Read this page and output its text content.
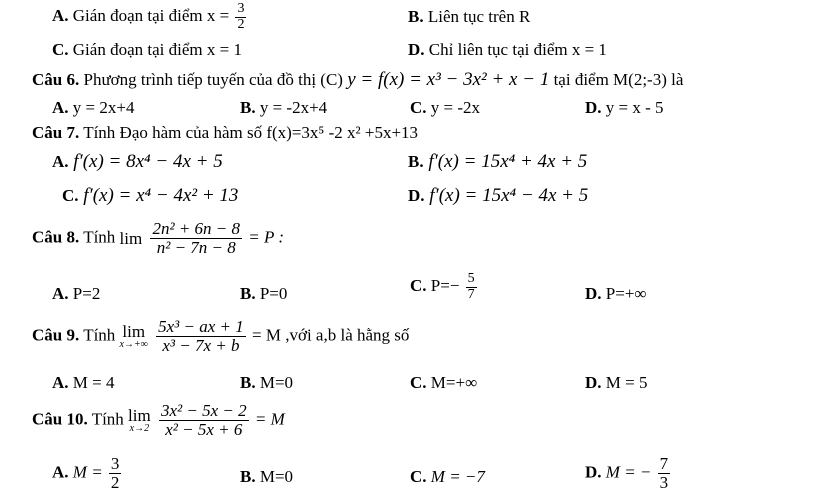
A. Gián đoạn tại điểm $x = \frac{3}{2}$	B. Liên tục trên R
C. Gián đoạn tại điểm x = 1	D. Chỉ liên tục tại điểm x = 1
Câu 6. Phương trình tiếp tuyến của đồ thị (C) y = f(x) = x³ − 3x² + x − 1 tại điểm M(2;-3) là
A. y = 2x+4	B. y = -2x+4	C. y = -2x	D. y = x - 5
Câu 7. Tính Đạo hàm của hàm số f(x)=3x⁵ -2 x² +5x+13
A. f′(x) = 8x⁴ − 4x + 5	B. f′(x) = 15x⁴ + 4x + 5
C. f′(x) = x⁴ − 4x² + 13	D. f′(x) = 15x⁴ − 4x + 5
Câu 8. Tính lim
$\frac{\text{2n² + 6n − 8}}{\text{n² − 7n − 8}} = P$ :
A. P=2	B. P=0	C. $P=- \frac{5}{7}$	D. P=+∞
Câu 9. Tính lim
x→+∞
$\frac{\text{5x³ − ax + 1}}{\text{x³ − 7x + b}} = M$ ,với a,b là hằng số
A. M = 4	B. M=0	C. M=+∞	D. M = 5
Câu 10. Tính lim
x→2
$\frac{\text{3x² − 5x − 2}}{\text{x² − 5x + 6}} = M$
A. $M = \frac{3}{2}$	B. M=0	C. M = −7	D. M = − $\frac{7}{3}$
